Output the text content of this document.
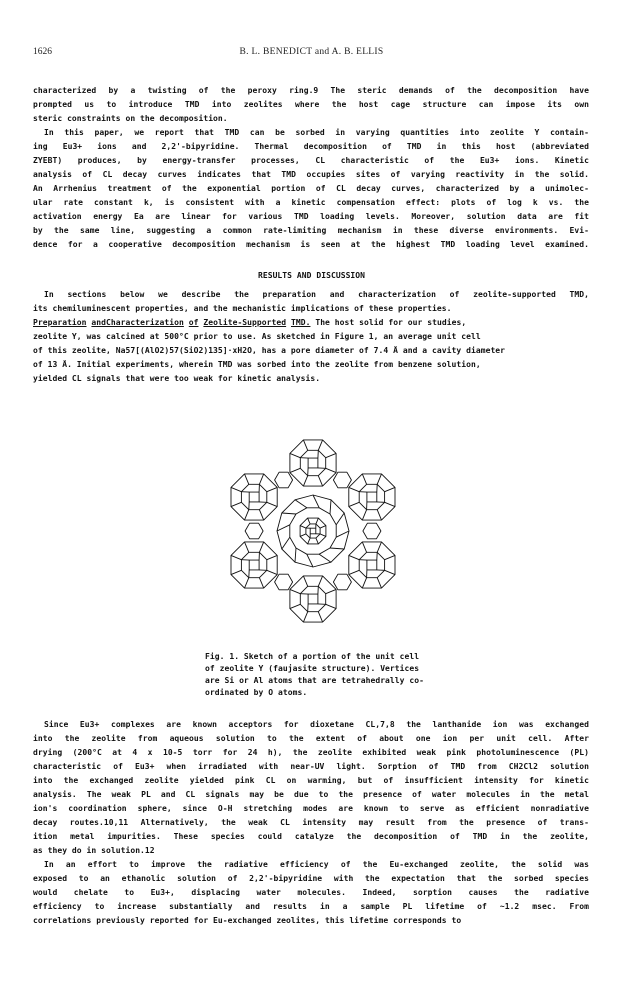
1626	B. L. BENEDICT and A. B. ELLIS
characterized by a twisting of the peroxy ring.9 The steric demands of the decomposition have
prompted us to introduce TMD into zeolites where the host cage structure can impose its own
steric constraints on the decomposition.
In this paper, we report that TMD can be sorbed in varying quantities into zeolite Y contain-
ing Eu3+ ions and 2,2'-bipyridine. Thermal decomposition of TMD in this host (abbreviated
ZYEBT) produces, by energy-transfer processes, CL characteristic of the Eu3+ ions. Kinetic
analysis of CL decay curves indicates that TMD occupies sites of varying reactivity in the solid.
An Arrhenius treatment of the exponential portion of CL decay curves, characterized by a unimolec-
ular rate constant k, is consistent with a kinetic compensation effect: plots of log k vs. the
activation energy Ea are linear for various TMD loading levels. Moreover, solution data are fit
by the same line, suggesting a common rate-limiting mechanism in these diverse environments. Evi-
dence for a cooperative decomposition mechanism is seen at the highest TMD loading level examined.
RESULTS AND DISCUSSION
In sections below we describe the preparation and characterization of zeolite-supported TMD,
its chemiluminescent properties, and the mechanistic implications of these properties.
Preparation andCharacterization of Zeolite-Supported TMD. The host solid for our studies,
zeolite Y, was calcined at 500°C prior to use. As sketched in Figure 1, an average unit cell
of this zeolite, Na57[(AlO2)57(SiO2)135]·xH2O, has a pore diameter of 7.4 Å and a cavity diameter
of 13 Å. Initial experiments, wherein TMD was sorbed into the zeolite from benzene solution,
yielded CL signals that were too weak for kinetic analysis.
Fig. 1. Sketch of a portion of the unit cell
of zeolite Y (faujasite structure). Vertices
are Si or Al atoms that are tetrahedrally co-
ordinated by O atoms.
Since Eu3+ complexes are known acceptors for dioxetane CL,7,8 the lanthanide ion was exchanged
into the zeolite from aqueous solution to the extent of about one ion per unit cell. After
drying (200°C at 4 x 10-5 torr for 24 h), the zeolite exhibited weak pink photoluminescence (PL)
characteristic of Eu3+ when irradiated with near-UV light. Sorption of TMD from CH2Cl2 solution
into the exchanged zeolite yielded pink CL on warming, but of insufficient intensity for kinetic
analysis. The weak PL and CL signals may be due to the presence of water molecules in the metal
ion's coordination sphere, since O-H stretching modes are known to serve as efficient nonradiative
decay routes.10,11 Alternatively, the weak CL intensity may result from the presence of trans-
ition metal impurities. These species could catalyze the decomposition of TMD in the zeolite,
as they do in solution.12
In an effort to improve the radiative efficiency of the Eu-exchanged zeolite, the solid was
exposed to an ethanolic solution of 2,2'-bipyridine with the expectation that the sorbed species
would chelate to Eu3+, displacing water molecules. Indeed, sorption causes the radiative
efficiency to increase substantially and results in a sample PL lifetime of ~1.2 msec. From
correlations previously reported for Eu-exchanged zeolites, this lifetime corresponds to
